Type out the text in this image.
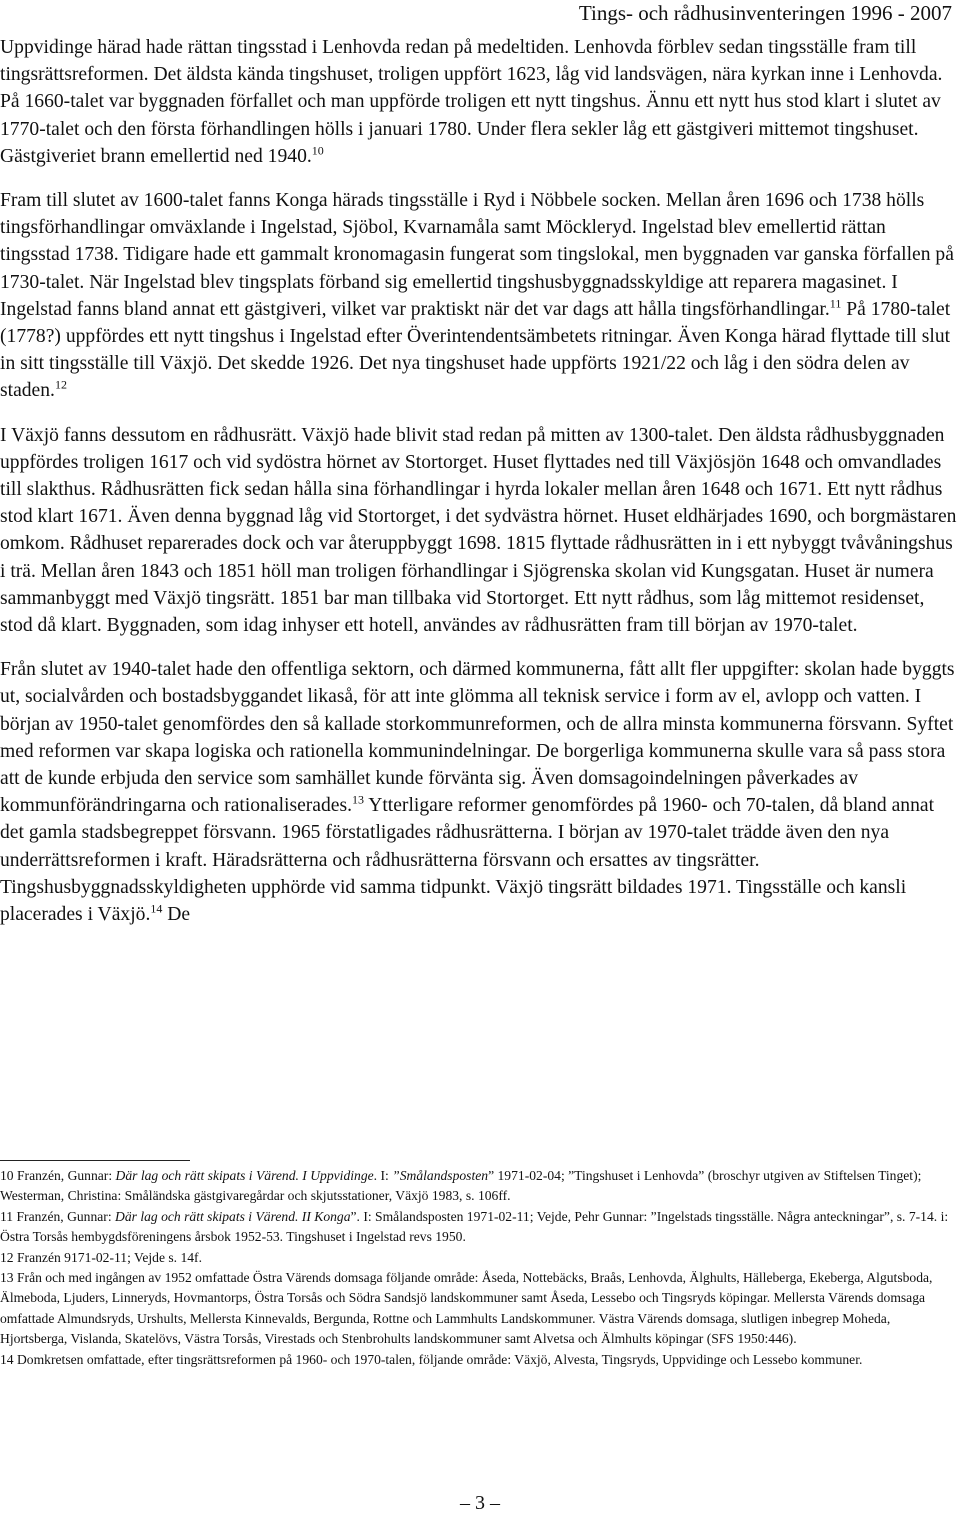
Tings- och rådhusinventeringen 1996 - 2007

Uppvidinge härad hade rättan tingsstad i Lenhovda redan på medeltiden. Lenhovda förblev sedan tingsställe fram till tingsrättsreformen. Det äldsta kända tingshuset, troligen uppfört 1623, låg vid landsvägen, nära kyrkan inne i Lenhovda. På 1660-talet var byggnaden förfallet och man uppförde troligen ett nytt tingshus. Ännu ett nytt hus stod klart i slutet av 1770-talet och den första förhandlingen hölls i januari 1780. Under flera sekler låg ett gästgiveri mittemot tingshuset. Gästgiveriet brann emellertid ned 1940.10

Fram till slutet av 1600-talet fanns Konga härads tingsställe i Ryd i Nöbbele socken. Mellan åren 1696 och 1738 hölls tingsförhandlingar omväxlande i Ingelstad, Sjöbol, Kvarnamåla samt Möckleryd. Ingelstad blev emellertid rättan tingsstad 1738. Tidigare hade ett gammalt kronomagasin fungerat som tingslokal, men byggnaden var ganska förfallen på 1730-talet. När Ingelstad blev tingsplats förband sig emellertid tingshusbyggnadsskyldige att reparera magasinet. I Ingelstad fanns bland annat ett gästgiveri, vilket var praktiskt när det var dags att hålla tingsförhandlingar.$^{11}$ På 1780-talet (1778?) uppfördes ett nytt tingshus i Ingelstad efter Överintendentsämbetets ritningar. Även Konga härad flyttade till slut in sitt tingsställe till Växjö. Det skedde 1926. Det nya tingshuset hade uppförts 1921/22 och låg i den södra delen av staden.$^{12}$

I Växjö fanns dessutom en rådhusrätt. Växjö hade blivit stad redan på mitten av 1300-talet. Den äldsta rådhusbyggnaden uppfördes troligen 1617 och vid sydöstra hörnet av Stortorget. Huset flyttades ned till Växjösjön 1648 och omvandlades till slakthus. Rådhusrätten fick sedan hålla sina förhandlingar i hyrda lokaler mellan åren 1648 och 1671. Ett nytt rådhus stod klart 1671. Även denna byggnad låg vid Stortorget, i det sydvästra hörnet. Huset eldhärjades 1690, och borgmästaren omkom. Rådhuset reparerades dock och var återuppbyggt 1698. 1815 flyttade rådhusrätten in i ett nybyggt tvåvåningshus i trä. Mellan åren 1843 och 1851 höll man troligen förhandlingar i Sjögrenska skolan vid Kungsgatan. Huset är numera sammanbyggt med Växjö tingsrätt. 1851 bar man tillbaka vid Stortorget. Ett nytt rådhus, som låg mittemot residenset, stod då klart. Byggnaden, som idag inhyser ett hotell, användes av rådhusrätten fram till början av 1970-talet.

Från slutet av 1940-talet hade den offentliga sektorn, och därmed kommunerna, fått allt fler uppgifter: skolan hade byggts ut, socialvården och bostadsbyggandet likaså, för att inte glömma all teknisk service i form av el, avlopp och vatten. I början av 1950-talet genomfördes den så kallade storkommunreformen, och de allra minsta kommunerna försvann. Syftet med reformen var skapa logiska och rationella kommunindelningar. De borgerliga kommunerna skulle vara så pass stora att de kunde erbjuda den service som samhället kunde förvänta sig. Även domsagoindelningen påverkades av kommunförändringarna och rationaliserades.$^{13}$ Ytterligare reformer genomfördes på 1960- och 70-talen, då bland annat det gamla stadsbegreppet försvann. 1965 förstatligades rådhusrätterna. I början av 1970-talet trädde även den nya underrättsreformen i kraft. Häradsrätterna och rådhusrätterna försvann och ersattes av tingsrätter. Tingshusbyggnadsskyldigheten upphörde vid samma tidpunkt. Växjö tingsrätt bildades 1971. Tingsställe och kansli placerades i Växjö.$^{14}$ De

10 Franzén, Gunnar: Där lag och rätt skipats i Värend. I Uppvidinge. I: ”Smålandsposten” 1971-02-04; ”Tingshuset i Lenhovda” (broschyr utgiven av Stiftelsen Tinget); Westerman, Christina: Småländska gästgivaregårdar och skjutsstationer, Växjö 1983, s. 106ff.

11 Franzén, Gunnar: Där lag och rätt skipats i Värend. II Konga”. I: Smålandsposten 1971-02-11; Vejde, Pehr Gunnar: ”Ingelstads tingsställe. Några anteckningar”, s. 7-14. i: Östra Torsås hembygdsföreningens årsbok 1952-53. Tingshuset i Ingelstad revs 1950.

12 Franzén 9171-02-11; Vejde s. 14f.

13 Från och med ingången av 1952 omfattade Östra Värends domsaga följande område: Åseda, Nottebäcks, Braås, Lenhovda, Älghults, Hälleberga, Ekeberga, Algutsboda, Älmeboda, Ljuders, Linneryds, Hovmantorps, Östra Torsås och Södra Sandsjö landskommuner samt Åseda, Lessebo och Tingsryds köpingar. Mellersta Värends domsaga omfattade Almundsryds, Urshults, Mellersta Kinnevalds, Bergunda, Rottne och Lammhults Landskommuner. Västra Värends domsaga, slutligen inbegrep Moheda, Hjortsberga, Vislanda, Skatelövs, Västra Torsås, Virestads och Stenbrohults landskommuner samt Alvetsa och Älmhults köpingar (SFS 1950:446).

14 Domkretsen omfattade, efter tingsrättsreformen på 1960- och 1970-talen, följande område: Växjö, Alvesta, Tingsryds, Uppvidinge och Lessebo kommuner.

– 3 –
